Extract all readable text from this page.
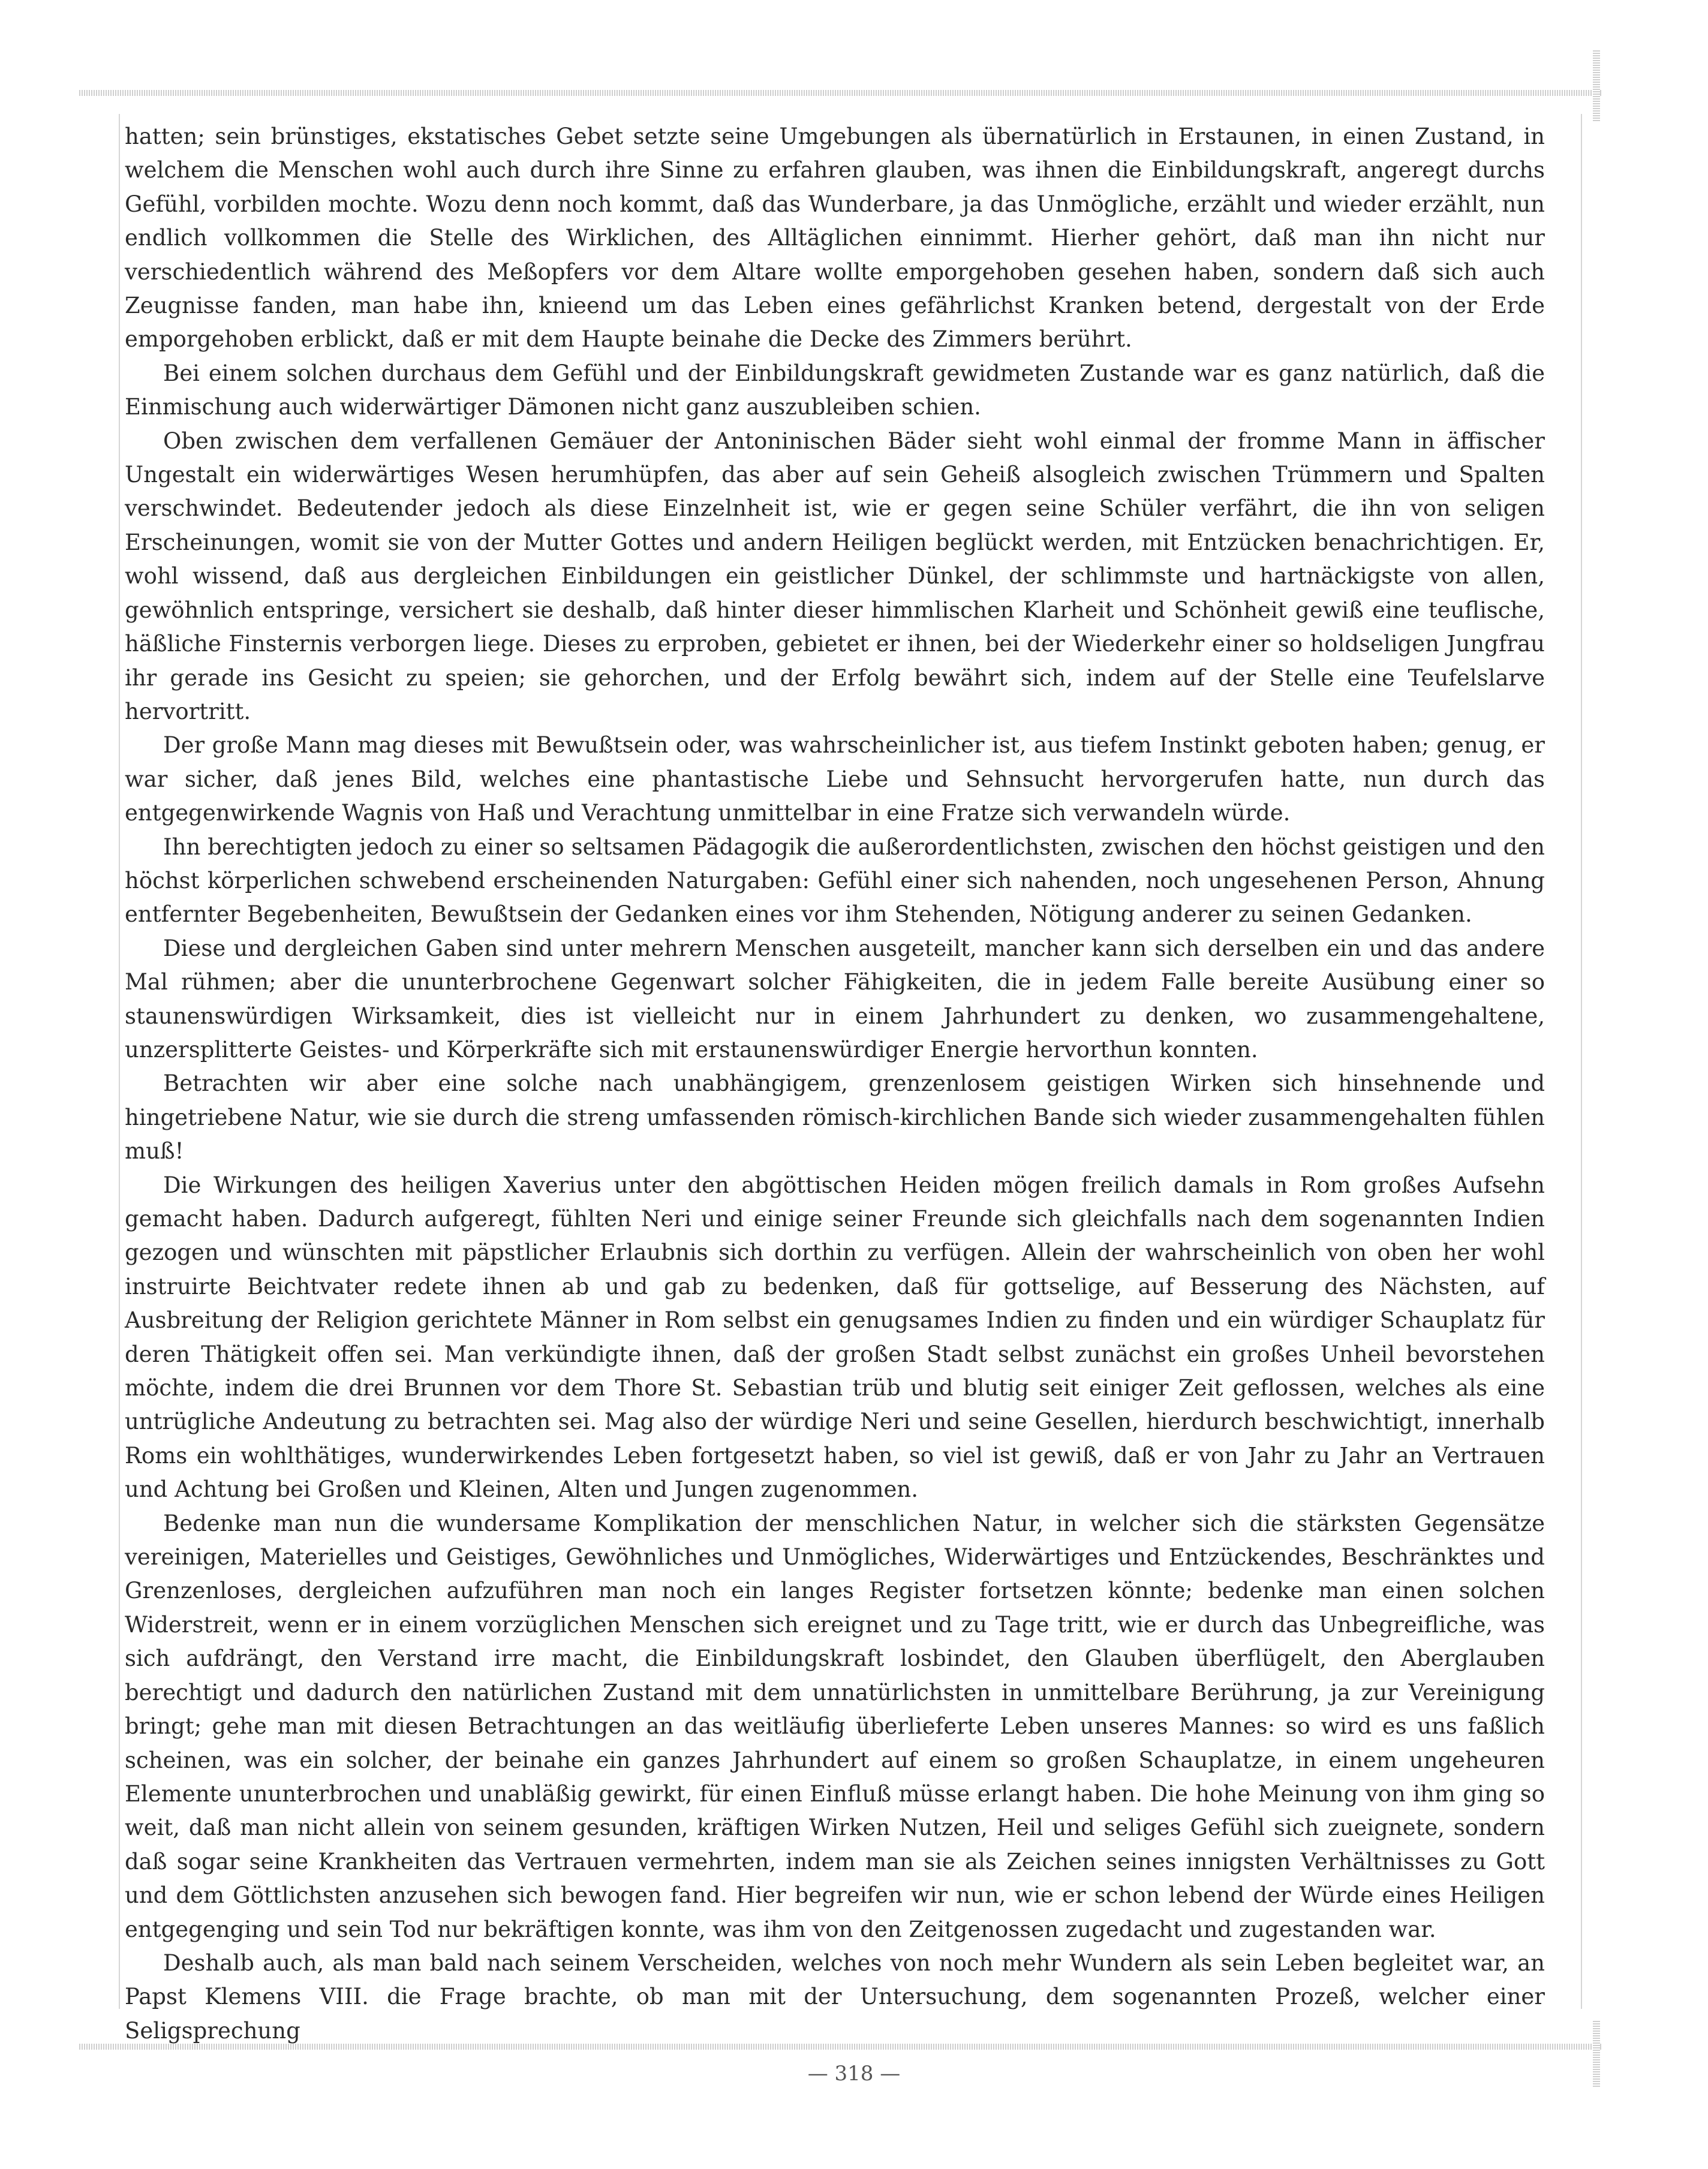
hatten; sein brünstiges, ekstatisches Gebet setzte seine Umgebungen als übernatürlich in Erstaunen, in einen Zustand, in welchem die Menschen wohl auch durch ihre Sinne zu erfahren glauben, was ihnen die Einbildungskraft, angeregt durchs Gefühl, vorbilden mochte. Wozu denn noch kommt, daß das Wunderbare, ja das Unmögliche, erzählt und wieder erzählt, nun endlich vollkommen die Stelle des Wirklichen, des Alltäglichen einnimmt. Hierher gehört, daß man ihn nicht nur verschiedentlich während des Meßopfers vor dem Altare wollte emporgehoben gesehen haben, sondern daß sich auch Zeugnisse fanden, man habe ihn, knieend um das Leben eines gefährlichst Kranken betend, dergestalt von der Erde emporgehoben erblickt, daß er mit dem Haupte beinahe die Decke des Zimmers berührt.

Bei einem solchen durchaus dem Gefühl und der Einbildungskraft gewidmeten Zustande war es ganz natürlich, daß die Einmischung auch widerwärtiger Dämonen nicht ganz auszubleiben schien.

Oben zwischen dem verfallenen Gemäuer der Antoninischen Bäder sieht wohl einmal der fromme Mann in äffischer Ungestalt ein widerwärtiges Wesen herumhüpfen, das aber auf sein Geheiß alsogleich zwischen Trümmern und Spalten verschwindet. Bedeutender jedoch als diese Einzelnheit ist, wie er gegen seine Schüler verfährt, die ihn von seligen Erscheinungen, womit sie von der Mutter Gottes und andern Heiligen beglückt werden, mit Entzücken benachrichtigen. Er, wohl wissend, daß aus dergleichen Einbildungen ein geistlicher Dünkel, der schlimmste und hartnäckigste von allen, gewöhnlich entspringe, versichert sie deshalb, daß hinter dieser himmlischen Klarheit und Schönheit gewiß eine teuflische, häßliche Finsternis verborgen liege. Dieses zu erproben, gebietet er ihnen, bei der Wiederkehr einer so holdseligen Jungfrau ihr gerade ins Gesicht zu speien; sie gehorchen, und der Erfolg bewährt sich, indem auf der Stelle eine Teufelslarve hervortritt.

Der große Mann mag dieses mit Bewußtsein oder, was wahrscheinlicher ist, aus tiefem Instinkt geboten haben; genug, er war sicher, daß jenes Bild, welches eine phantastische Liebe und Sehnsucht hervorgerufen hatte, nun durch das entgegenwirkende Wagnis von Haß und Verachtung unmittelbar in eine Fratze sich verwandeln würde.

Ihn berechtigten jedoch zu einer so seltsamen Pädagogik die außerordentlichsten, zwischen den höchst geistigen und den höchst körperlichen schwebend erscheinenden Naturgaben: Gefühl einer sich nahenden, noch ungesehenen Person, Ahnung entfernter Begebenheiten, Bewußtsein der Gedanken eines vor ihm Stehenden, Nötigung anderer zu seinen Gedanken.

Diese und dergleichen Gaben sind unter mehrern Menschen ausgeteilt, mancher kann sich derselben ein und das andere Mal rühmen; aber die ununterbrochene Gegenwart solcher Fähigkeiten, die in jedem Falle bereite Ausübung einer so staunenswürdigen Wirksamkeit, dies ist vielleicht nur in einem Jahrhundert zu denken, wo zusammengehaltene, unzersplitterte Geistes- und Körperkräfte sich mit erstaunenswürdiger Energie hervorthun konnten.

Betrachten wir aber eine solche nach unabhängigem, grenzenlosem geistigen Wirken sich hinsehnende und hingetriebene Natur, wie sie durch die streng umfassenden römisch-kirchlichen Bande sich wieder zusammengehalten fühlen muß!

Die Wirkungen des heiligen Xaverius unter den abgöttischen Heiden mögen freilich damals in Rom großes Aufsehn gemacht haben. Dadurch aufgeregt, fühlten Neri und einige seiner Freunde sich gleichfalls nach dem sogenannten Indien gezogen und wünschten mit päpstlicher Erlaubnis sich dorthin zu verfügen. Allein der wahrscheinlich von oben her wohl instruirte Beichtvater redete ihnen ab und gab zu bedenken, daß für gottselige, auf Besserung des Nächsten, auf Ausbreitung der Religion gerichtete Männer in Rom selbst ein genugsames Indien zu finden und ein würdiger Schauplatz für deren Thätigkeit offen sei. Man verkündigte ihnen, daß der großen Stadt selbst zunächst ein großes Unheil bevorstehen möchte, indem die drei Brunnen vor dem Thore St. Sebastian trüb und blutig seit einiger Zeit geflossen, welches als eine untrügliche Andeutung zu betrachten sei. Mag also der würdige Neri und seine Gesellen, hierdurch beschwichtigt, innerhalb Roms ein wohlthätiges, wunderwirkendes Leben fortgesetzt haben, so viel ist gewiß, daß er von Jahr zu Jahr an Vertrauen und Achtung bei Großen und Kleinen, Alten und Jungen zugenommen.

Bedenke man nun die wundersame Komplikation der menschlichen Natur, in welcher sich die stärksten Gegensätze vereinigen, Materielles und Geistiges, Gewöhnliches und Unmögliches, Widerwärtiges und Entzückendes, Beschränktes und Grenzenloses, dergleichen aufzuführen man noch ein langes Register fortsetzen könnte; bedenke man einen solchen Widerstreit, wenn er in einem vorzüglichen Menschen sich ereignet und zu Tage tritt, wie er durch das Unbegreifliche, was sich aufdrängt, den Verstand irre macht, die Einbildungskraft losbindet, den Glauben überflügelt, den Aberglauben berechtigt und dadurch den natürlichen Zustand mit dem unnatürlichsten in unmittelbare Berührung, ja zur Vereinigung bringt; gehe man mit diesen Betrachtungen an das weitläufig überlieferte Leben unseres Mannes: so wird es uns faßlich scheinen, was ein solcher, der beinahe ein ganzes Jahrhundert auf einem so großen Schauplatze, in einem ungeheuren Elemente ununterbrochen und unabläßig gewirkt, für einen Einfluß müsse erlangt haben. Die hohe Meinung von ihm ging so weit, daß man nicht allein von seinem gesunden, kräftigen Wirken Nutzen, Heil und seliges Gefühl sich zueignete, sondern daß sogar seine Krankheiten das Vertrauen vermehrten, indem man sie als Zeichen seines innigsten Verhältnisses zu Gott und dem Göttlichsten anzusehen sich bewogen fand. Hier begreifen wir nun, wie er schon lebend der Würde eines Heiligen entgegenging und sein Tod nur bekräftigen konnte, was ihm von den Zeitgenossen zugedacht und zugestanden war.

Deshalb auch, als man bald nach seinem Verscheiden, welches von noch mehr Wundern als sein Leben begleitet war, an Papst Klemens VIII. die Frage brachte, ob man mit der Untersuchung, dem sogenannten Prozeß, welcher einer Seligsprechung

— 318 —
